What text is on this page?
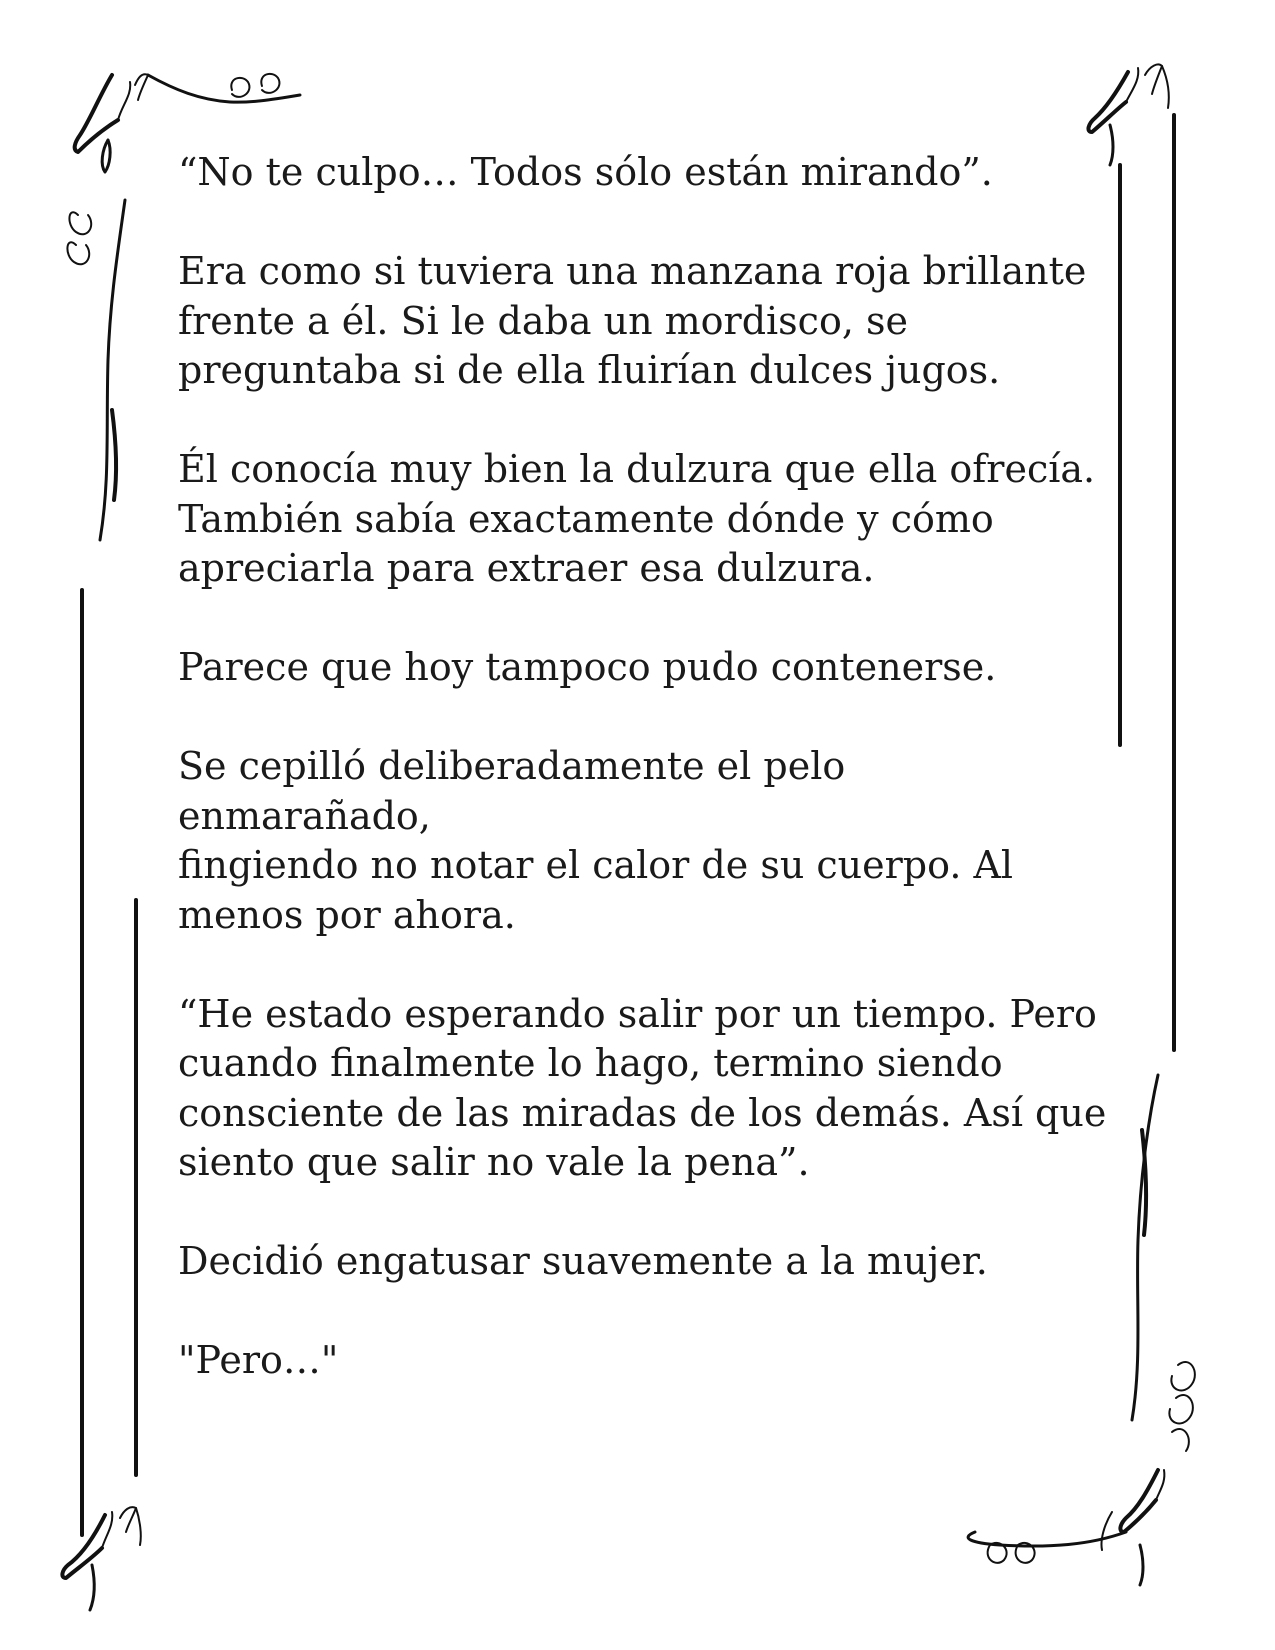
“No te culpo… Todos sólo están mirando”.

Era como si tuviera una manzana roja brillante
frente a él. Si le daba un mordisco, se
preguntaba si de ella fluirían dulces jugos.

Él conocía muy bien la dulzura que ella ofrecía.
También sabía exactamente dónde y cómo
apreciarla para extraer esa dulzura.

Parece que hoy tampoco pudo contenerse.

Se cepilló deliberadamente el pelo enmarañado,
fingiendo no notar el calor de su cuerpo. Al
menos por ahora.

“He estado esperando salir por un tiempo. Pero
cuando finalmente lo hago, termino siendo
consciente de las miradas de los demás. Así que
siento que salir no vale la pena”.

Decidió engatusar suavemente a la mujer.

"Pero…"
